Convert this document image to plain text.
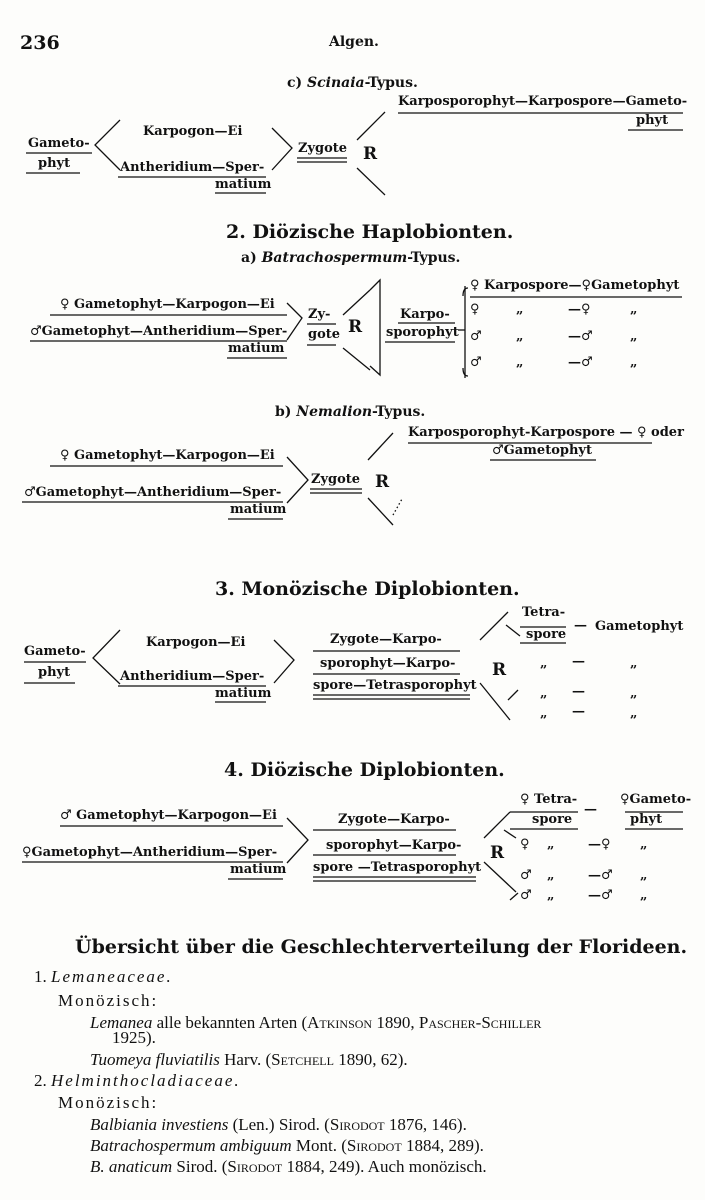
236	Algen.
c) Scinaia-Typus.
Karposporophyt—Karpospore—Gameto-
phyt
Gameto-
phyt
Karpogon—Ei
Antheridium—Sper-
matium
Zygote R
2. Diözische Haplobionten.
a) Batrachospermum-Typus.
♀ Gametophyt—Karpogon—Ei
♂Gametophyt—Antheridium—Sper-
matium
Zy-
gote R
Karpo-
sporophyt
♀ Karpospore—♀Gametophyt
♀	„	—♀	„
♂	„	—♂	„
♂	„	—♂	„
b) Nemalion-Typus.
Karposporophyt-Karpospore — ♀ oder
♂Gametophyt
♀ Gametophyt—Karpogon—Ei
♂Gametophyt—Antheridium—Sper-
matium
Zygote R
3. Monözische Diplobionten.
Tetra-
spore
— Gametophyt
Gameto-
phyt
Karpogon—Ei
Antheridium—Sper-
matium
Zygote—Karpo-
sporophyt—Karpo-
spore—Tetrasporophyt
R	„ —	„
„ —	„
„ —	„
4. Diözische Diplobionten.
♀ Tetra-
spore
—
♀Gameto-
phyt
♂ Gametophyt—Karpogon—Ei
♀Gametophyt—Antheridium—Sper-
matium
Zygote—Karpo-
sporophyt—Karpo-
spore —Tetrasporophyt
R ♀ „	—♀ „
♂ „	—♂ „
♂ „	—♂ „
Übersicht über die Geschlechterverteilung der Florideen.
1. Lemaneaceae.
Monözisch:
Lemanea alle bekannten Arten (Atkinson 1890, Pascher-Schiller
1925).
Tuomeya fluviatilis Harv. (Setchell 1890, 62).
2. Helminthocladiaceae.
Monözisch:
Balbiania investiens (Len.) Sirod. (Sirodot 1876, 146).
Batrachospermum ambiguum Mont. (Sirodot 1884, 289).
B. anaticum Sirod. (Sirodot 1884, 249). Auch monözisch.
